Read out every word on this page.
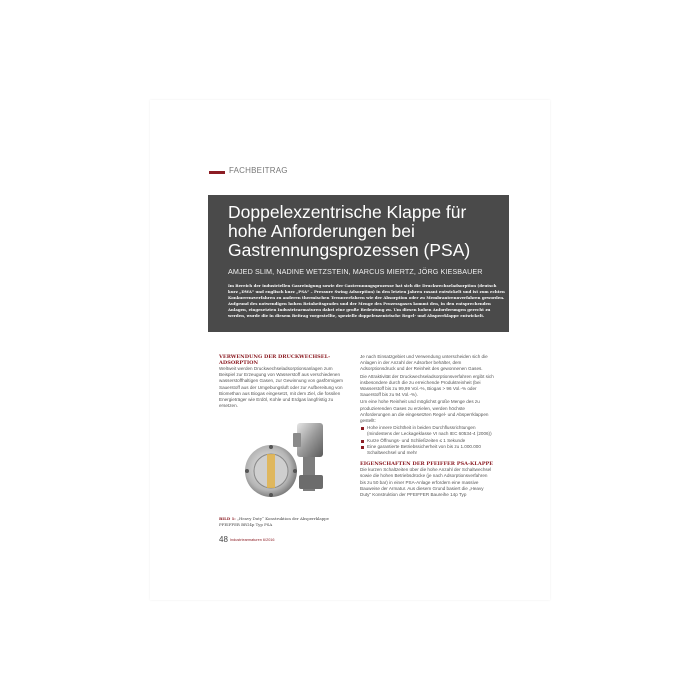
FACHBEITRAG
Doppelexzentrische Klappe für hohe Anforderungen bei Gastrennungsprozessen (PSA)
AMJED SLIM, NADINE WETZSTEIN, MARCUS MIERTZ, JÖRG KIESBAUER
Im Bereich der industriellen Gasreinigung sowie der Gastrennungsprozesse hat sich die Druckwechseladsorption (deutsch kurz „DWA“ und englisch kurz „PSA“ – Pressure Swing Adsorption) in den letzten Jahren rasant entwickelt und ist zum echten Konkurrenzverfahren zu anderen thermischen Trennverfahren wie der Absorption oder zu Membrantrennverfahren geworden. Aufgrund des notwendigen hohen Reinheitsgrades und der Menge des Prozessgases kommt den, in den entsprechenden Anlagen, eingesetzten Industriearmaturen dabei eine große Bedeutung zu. Um diesen hohen Anforderungen gerecht zu werden, wurde die in diesem Beitrag vorgestellte, spezielle doppelexzentrische Regel- und Absperrklappe entwickelt.
VERWENDUNG DER DRUCKWECHSEL-ADSORPTION

Weltweit werden Druckwechseladsorptionsanlagen zum Beispiel zur Erzeugung von Wasserstoff aus verschiedenen wasserstoffhaltigen Gasen, zur Gewinnung von gasförmigem Sauerstoff aus der Umgebungsluft oder zur Aufbereitung von Biomethan aus Biogas eingesetzt, mit dem Ziel, die fossilen Energieträger wie Erdöl, Kohle und Erdgas langfristig zu ersetzen.

BILD 1: „Heavy Duty“ Konstruktion der Absperrklappe PFEIFFER BR14p Typ PSA

Je nach Einsatzgebiet und Verwendung unterscheiden sich die Anlagen in der Anzahl der Adsorber behälter, dem Adsorptionsdruck und der Reinheit des gewonnenen Gases.

Die Attraktivität der Druckwechseladsorptionsverfahren ergibt sich insbesondere durch die zu erreichende Produktreinheit (bei Wasserstoff bis zu 99,99 Vol.-%, Biogas > 96 Vol.-% oder Sauerstoff bis zu 94 Vol.-%).

Um eine hohe Reinheit und möglichst große Menge des zu produzierenden Gases zu erzielen, werden höchste Anforderungen an die eingesetzten Regel- und Absperrklappen gestellt:

Hohe innere Dichtheit in beiden Durchflussrichtungen (mindestens der Leckageklasse VI nach IEC 60534-4 (2006))
Kurze Öffnungs- und Schließzeiten ≤ 1 Sekunde
Eine garantierte Betriebssicherheit von bis zu 1.000.000 Schaltwechsel und mehr
EIGENSCHAFTEN DER PFEIFFER PSA-KLAPPE

Die kurzen Schaltzeiten über die hohe Anzahl der Schaltwechsel sowie die hohen Betriebsdrücke (je nach Adsorptionsverfahren bis zu 50 bar) in einer PSA-Anlage erfordern eine massive Bauweise der Armatur. Aus diesem Grund basiert die „Heavy Duty“ Konstruktion der PFEIFFER Baureihe 14p Typ

48 Industriearmaturen 6/2016
